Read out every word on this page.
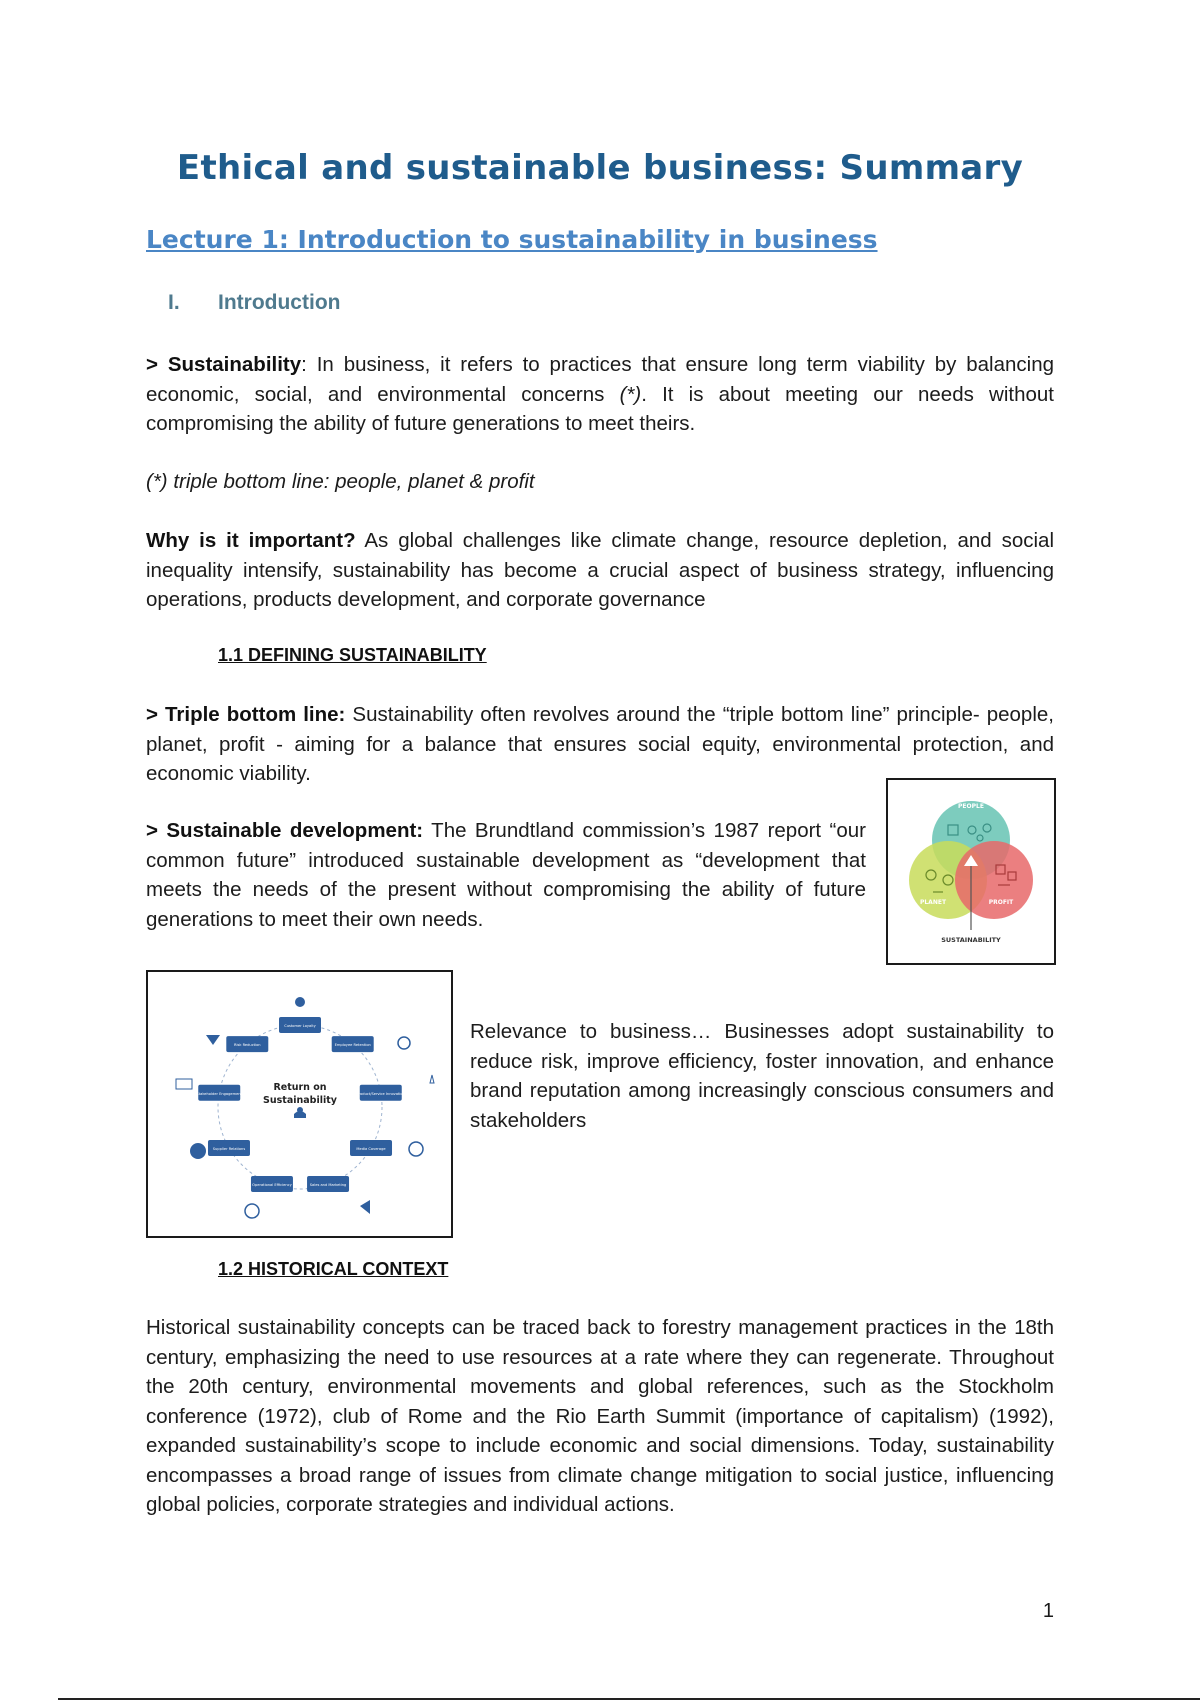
Ethical and sustainable business: Summary
Lecture 1: Introduction to sustainability in business
I. Introduction
> Sustainability: In business, it refers to practices that ensure long term viability by balancing economic, social, and environmental concerns (*). It is about meeting our needs without compromising the ability of future generations to meet theirs.
(*) triple bottom line: people, planet & profit
Why is it important? As global challenges like climate change, resource depletion, and social inequality intensify, sustainability has become a crucial aspect of business strategy, influencing operations, products development, and corporate governance
1.1 DEFINING SUSTAINABILITY
> Triple bottom line: Sustainability often revolves around the “triple bottom line” principle- people, planet, profit - aiming for a balance that ensures social equity, environmental protection, and economic viability.
> Sustainable development: The Brundtland commission’s 1987 report “our common future” introduced sustainable development as “development that meets the needs of the present without compromising the ability of future generations to meet their own needs.
PEOPLE
PLANET	PROFIT
SUSTAINABILITY
Customer Loyalty
Employee Retention
Product/Service Innovation
Media Coverage
Sales and Marketing
Operational Efficiency
Supplier Relations
Stakeholder Engagement
Risk Reduction
Return on
Sustainability
Relevance to business… Businesses adopt sustainability to reduce risk, improve efficiency, foster innovation, and enhance brand reputation among increasingly conscious consumers and stakeholders
1.2 HISTORICAL CONTEXT
Historical sustainability concepts can be traced back to forestry management practices in the 18th century, emphasizing the need to use resources at a rate where they can regenerate. Throughout the 20th century, environmental movements and global references, such as the Stockholm conference (1972), club of Rome and the Rio Earth Summit (importance of capitalism) (1992), expanded sustainability’s scope to include economic and social dimensions. Today, sustainability encompasses a broad range of issues from climate change mitigation to social justice, influencing global policies, corporate strategies and individual actions.
1
